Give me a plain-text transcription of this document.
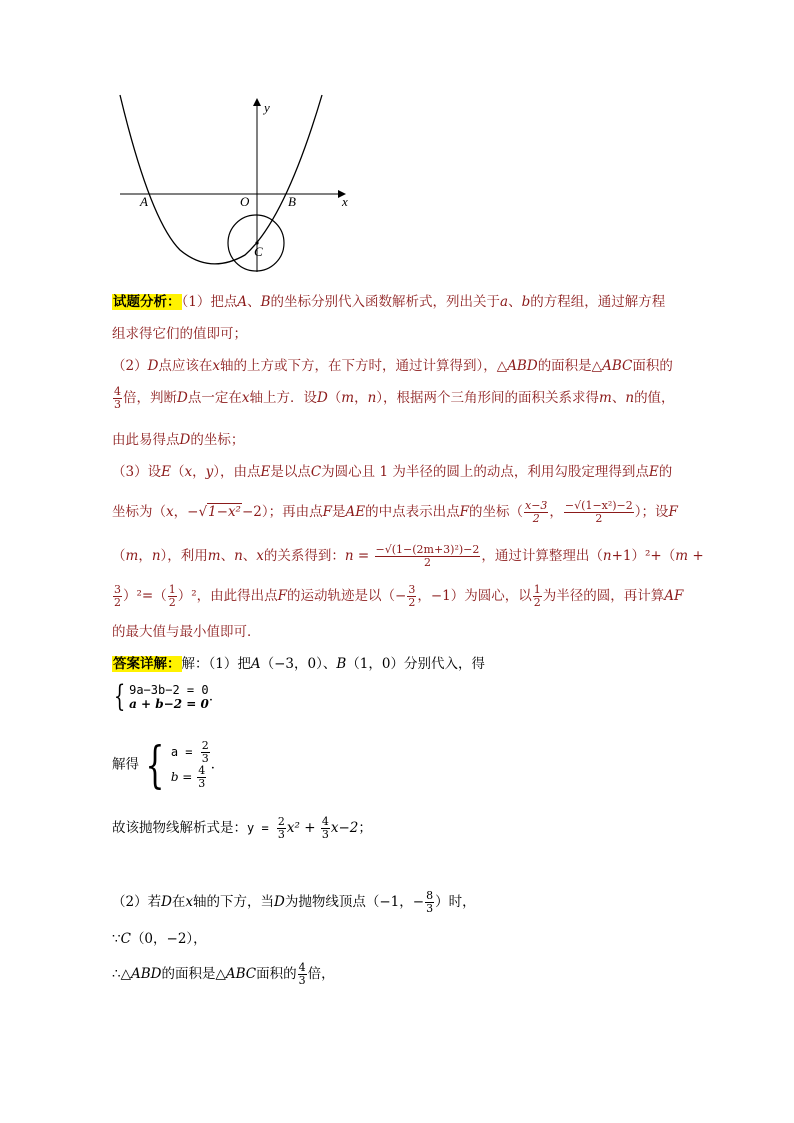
y
x
A	O	B
C
试题分析：（1）把点A、B的坐标分别代入函数解析式，列出关于a、b的方程组，通过解方程
组求得它们的值即可；
（2）D点应该在x轴的上方或下方，在下方时，通过计算得到），△ABD的面积是△ABC面积的
$\frac{4}{3}$ 倍，判断D点一定在x轴上方．设D（m，n），根据两个三角形间的面积关系求得m、n的值，
由此易得点D的坐标；
（3）设E（x，y），由点E是以点C为圆心且 1 为半径的圆上的动点，利用勾股定理得到点E的
坐标为（x，−√1−x²−2）；再由点F是AE的中点表示出点F的坐标（ $\frac{x-3}{2}$ ， $\frac{\text{−√(1−x²)−2}}{2}$ ）；设F
（m，n），利用m、n、x的关系得到：$n = \frac{\text{−√(1−(2m+3)²)−2}}{2}$ ，通过计算整理出（n+1）²+（m +
$\frac{3}{2} )^2=( \frac{1}{2} )^2$，由此得出点F的运动轨迹是以（− $\frac{3}{2}$ ，−1）为圆心，以 $\frac{1}{2}$ 为半径的圆，再计算AF
的最大值与最小值即可．
答案详解：解：（1）把A（−3，0）、B（1，0）分别代入，得
{ 9a−3b−2 = 0
a + b−2 = 0 ．
解得 { $a = \frac{2}{3}$
$b = \frac{4}{3}$
．
故该抛物线解析式是：$y = \frac{2}{3} x^2 + \frac{4}{3} x-2$；
（2）若D在x轴的下方，当D为抛物线顶点（−1，− $\frac{8}{3}$ ）时，
∵C（0，−2），
∴△ABD的面积是△ABC面积的 $\frac{4}{3}$ 倍，
